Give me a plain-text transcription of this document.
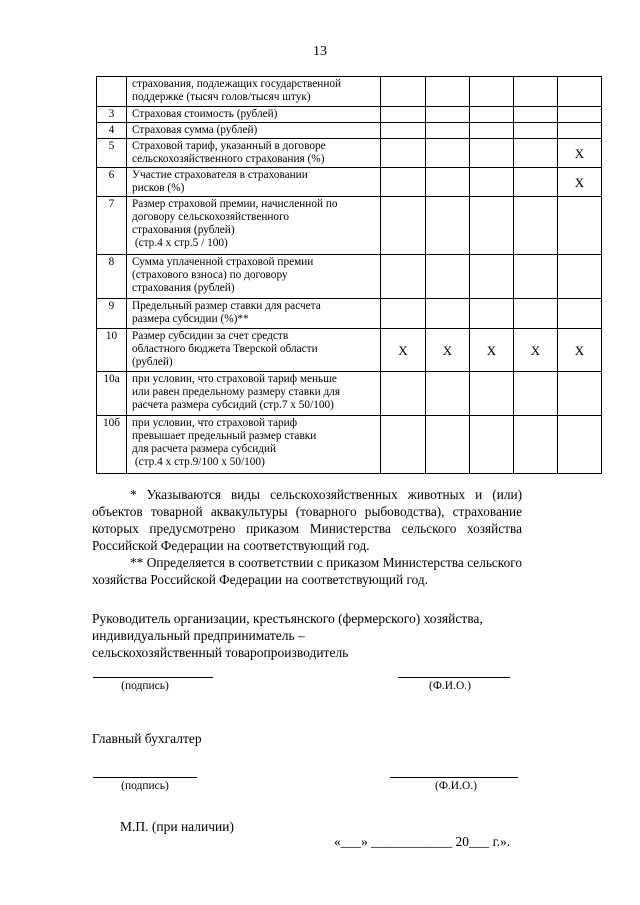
13

	страхования, подлежащих государственной
поддержке (тысяч голов/тысяч штук)					

3	Страховая стоимость (рублей)					

4	Страховая сумма (рублей)					

5	Страховой тариф, указанный в договоре
сельскохозяйственного страхования (%)					X
6	Участие страхователя в страховании
рисков (%)					X
7	Размер страховой премии, начисленной по
договору сельскохозяйственного
страхования (рублей)
(стр.4 х стр.5 / 100)					

8	Сумма уплаченной страховой премии
(страхового взноса) по договору
страхования (рублей)					

9	Предельный размер ставки для расчета
размера субсидии (%)**					

10	Размер субсидии за счет средств
областного бюджета Тверской области
(рублей)	X	X	X	X	X
10а	при условии, что страховой тариф меньше
или равен предельному размеру ставки для
расчета размера субсидий (стр.7 х 50/100)					

10б	при условии, что страховой тариф
превышает предельный размер ставки
для расчета размера субсидий
(стр.4 х стр.9/100 х 50/100)					

* Указываются виды сельскохозяйственных животных и (или) объектов товарной аквакультуры (товарного рыбоводства), страхование которых предусмотрено приказом Министерства сельского хозяйства Российской Федерации на соответствующий год.

** Определяется в соответствии с приказом Министерства сельского хозяйства Российской Федерации на соответствующий год.

Руководитель организации, крестьянского (фермерского) хозяйства,
индивидуальный предприниматель –
сельскохозяйственный товаропроизводитель
(подпись)	(Ф.И.О.)
Главный бухгалтер
(подпись)	(Ф.И.О.)
М.П. (при наличии)
«___» ____________ 20___ г.».
